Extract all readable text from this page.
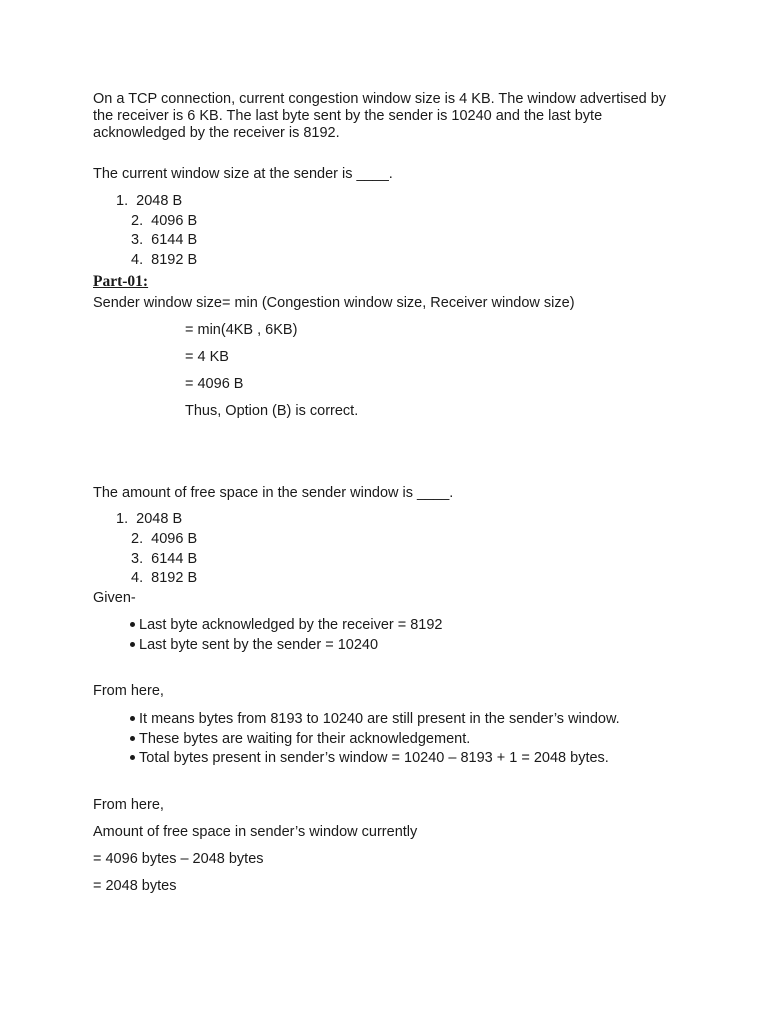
On a TCP connection, current congestion window size is 4 KB. The window advertised by the receiver is 6 KB. The last byte sent by the sender is 10240 and the last byte acknowledged by the receiver is 8192.
The current window size at the sender is ____.
1. 2048 B
2. 4096 B
3. 6144 B
4. 8192 B
Part-01:
Sender window size= min (Congestion window size, Receiver window size)
= min(4KB , 6KB)
= 4 KB
= 4096 B
Thus, Option (B) is correct.
The amount of free space in the sender window is ____.
1. 2048 B
2. 4096 B
3. 6144 B
4. 8192 B
Given-
Last byte acknowledged by the receiver = 8192
Last byte sent by the sender = 10240
From here,
It means bytes from 8193 to 10240 are still present in the sender’s window.
These bytes are waiting for their acknowledgement.
Total bytes present in sender’s window = 10240 – 8193 + 1 = 2048 bytes.
From here,
Amount of free space in sender’s window currently
= 4096 bytes – 2048 bytes
= 2048 bytes
